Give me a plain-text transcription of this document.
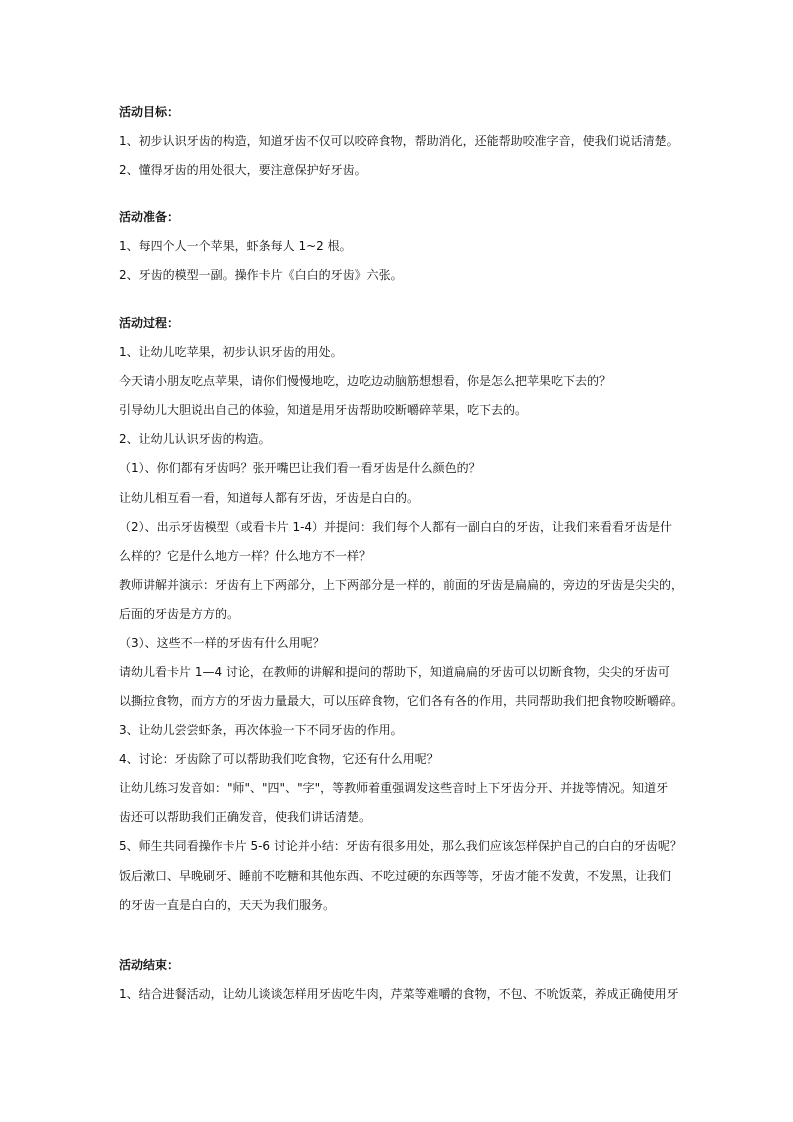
活动目标：
1、初步认识牙齿的构造，知道牙齿不仅可以咬碎食物，帮助消化，还能帮助咬准字音，使我们说话清楚。
2、懂得牙齿的用处很大，要注意保护好牙齿。
活动准备：
1、每四个人一个苹果，虾条每人 1~2 根。
2、牙齿的模型一副。操作卡片《白白的牙齿》六张。
活动过程：
1、让幼儿吃苹果，初步认识牙齿的用处。
今天请小朋友吃点苹果，请你们慢慢地吃，边吃边动脑筋想想看，你是怎么把苹果吃下去的？
引导幼儿大胆说出自己的体验，知道是用牙齿帮助咬断嚼碎苹果，吃下去的。
2、让幼儿认识牙齿的构造。
（1）、你们都有牙齿吗？张开嘴巴让我们看一看牙齿是什么颜色的？
让幼儿相互看一看，知道每人都有牙齿，牙齿是白白的。
（2）、出示牙齿模型（或看卡片 1-4）并提问：我们每个人都有一副白白的牙齿，让我们来看看牙齿是什
么样的？它是什么地方一样？什么地方不一样？
教师讲解并演示：牙齿有上下两部分，上下两部分是一样的，前面的牙齿是扁扁的，旁边的牙齿是尖尖的，
后面的牙齿是方方的。
（3）、这些不一样的牙齿有什么用呢？
请幼儿看卡片 1—4 讨论，在教师的讲解和提问的帮助下，知道扁扁的牙齿可以切断食物，尖尖的牙齿可
以撕拉食物，而方方的牙齿力量最大，可以压碎食物，它们各有各的作用，共同帮助我们把食物咬断嚼碎。
3、让幼儿尝尝虾条，再次体验一下不同牙齿的作用。
4、讨论：牙齿除了可以帮助我们吃食物，它还有什么用呢？
让幼儿练习发音如："师"、"四"、"字"，等教师着重强调发这些音时上下牙齿分开、并拢等情况。知道牙
齿还可以帮助我们正确发音，使我们讲话清楚。
5、师生共同看操作卡片 5-6 讨论并小结：牙齿有很多用处，那么我们应该怎样保护自己的白白的牙齿呢？
饭后漱口、早晚刷牙、睡前不吃糖和其他东西、不吃过硬的东西等等，牙齿才能不发黄，不发黑，让我们
的牙齿一直是白白的，天天为我们服务。
活动结束：
1、结合进餐活动，让幼儿谈谈怎样用牙齿吃牛肉，芹菜等难嚼的食物，不包、不吮饭菜，养成正确使用牙
